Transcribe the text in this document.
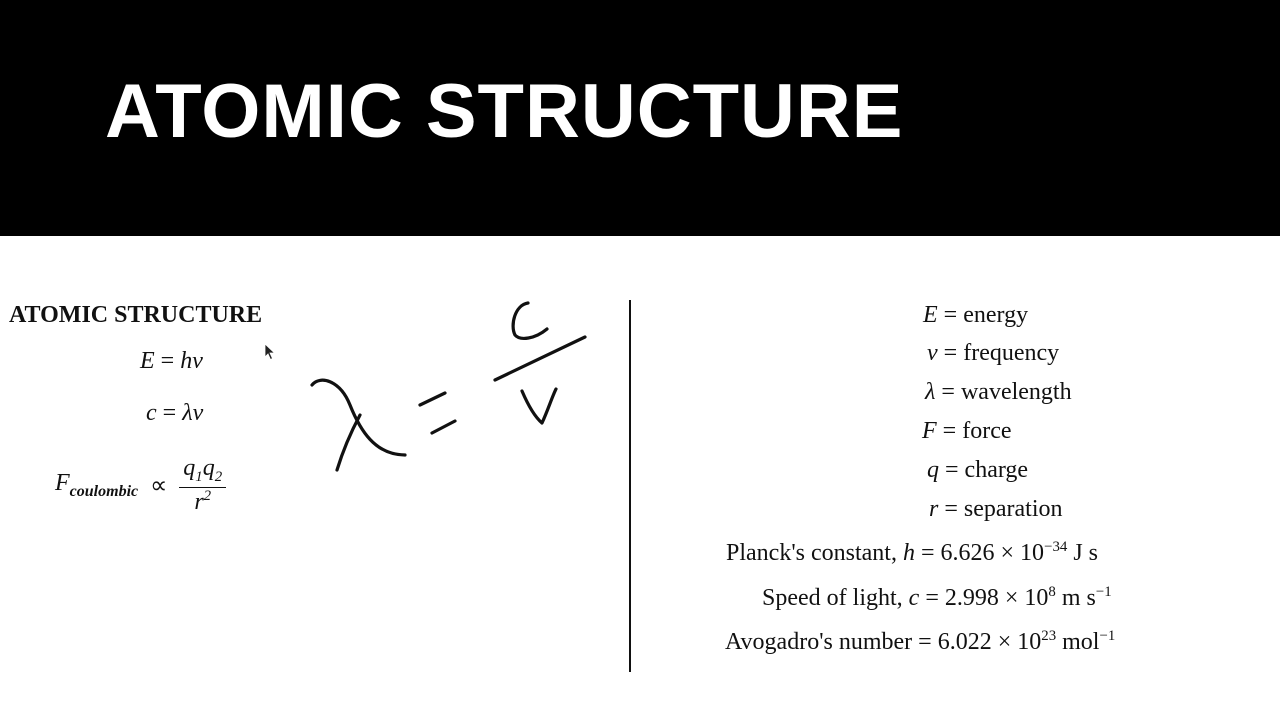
ATOMIC STRUCTURE
ATOMIC STRUCTURE
E = hν
c = λν
$F_{coulombic} \propto \frac{q_1q_2}{r^2}$
E = energy
ν = frequency
λ = wavelength
F = force
q = charge
r = separation
Planck's constant, $h = 6.626 \times 10^{-34}$ J s
Speed of light, $c = 2.998 \times 10^8$ m $s^{-1}$
Avogadro's number = $6.022 \times 10^{23}$ mol$^{-1}$
